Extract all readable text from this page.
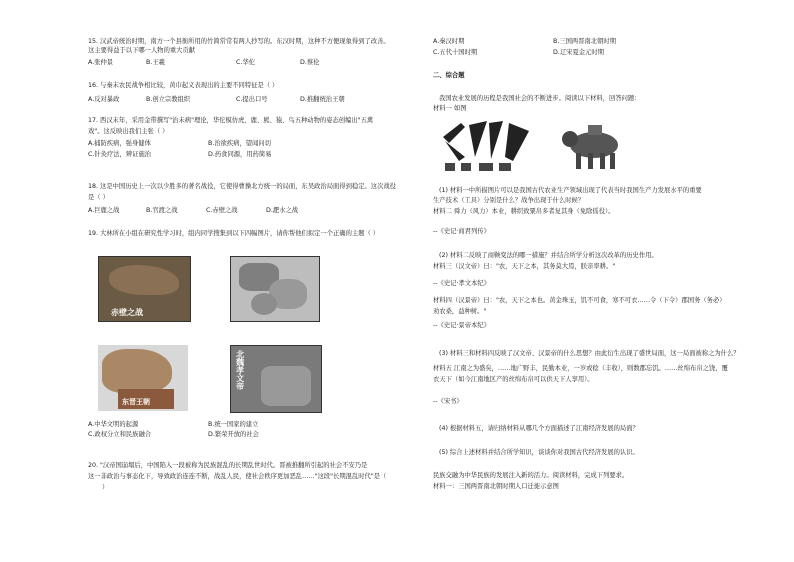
15. 汉武帝统治时期，南方一个县衙所用的竹简常常有两人抄写的。东汉时期，这种不方便现象得到了改善。
这主要得益于以下哪一人物的重大贡献
A.张仲景	B.王羲	C.华佗	D.蔡伦
16. 与秦末农民战争相比较，黄巾起义表现出的主要不同特征是（ ）
A.反对暴政	B.创立宗教组织	C.提出口号	D.推翻统治王朝
17. 西汉末年，采用金带撰写"治未病"理论，华佗模仿虎、鹿、熊、猿、鸟五种动物的姿态创编出"五禽
戏"。这反映出我们主张（ ）
A.捕防疾病，强身健体	B.治欲疾病，望闻问切
C.针灸疗法，辨证施治	D.药食同源，用药简易
18. 这是中国历史上一次以少胜多的著名战役，它使得曹操北方统一的局面，东吴政治局面得到稳定。这次战役
是（ ）
A.巨鹿之战	B.官渡之战	C.赤壁之战	D.淝水之战
19. 大林所在小组在研究性学习时，组内同学搜集到以下四幅图片，请你帮他们拟定一个正确的主题（ ）
赤壁之战
东晋王朝
北魏孝文帝
A.中华文明的起源	B.统一国家的建立
C.政权分立和民族融合	D.繁荣开放的社会
20. "汉帝国崩塌后，中国陷入一段被称为民族混乱的长期乱世时代。晋被推翻所引起的社会不安乃是
这一非政治与事态化下，导致政治连连不断，战乱人民，使社会秩序更加恶乱……"这段"长期混乱时代"是（
）
A.秦汉时期	B.三国两晋南北朝时期
C.五代十国时期	D.辽宋夏金元时期
二、综合题
我国农业发展的历程是我国社会的不断进步。阅读以下材料，回答问题：
材料一 如图
(1) 材料一中所描图片可以是我国古代农业生产领域出现了代表当时我国生产力发展水平的重要
生产技术（工具）分别是什么？战争出现于什么时候？
材料二 舜力（风力）本业，耕织致粟帛多者复其身（免除徭役）。
--《史记·商君列传》
(2) 材料二反映了商鞅变法的哪一措施？并结合所学分析这次改革的历史作用。
材料三（汉文帝）曰："农，天下之本，其务莫大焉，朕亲率耕。"
--《史记·孝文本纪》
材料四（汉景帝）曰："农，天下之本也。黄金珠玉，饥不可食，寒不可衣……令（下令）郡国务（务必）
劝农桑，益种树。"
--《史记·景帝本纪》
(3) 材料三和材料四反映了汉文帝、汉景帝的什么思想？由此衍生出现了盛世局面，这一局面被称之为什么？
材料五 江南之为盛矣，……地广野丰，民勤本业，一岁或稔（丰收），则数郡忘饥。……丝绵布帛之饶，覆
衣天下（如今江南地区产的丝绵布帛可以供天下人享用）。
--《宋书》
(4) 根据材料五，请归纳材料从哪几个方面描述了江南经济发展的局面？
(5) 综合上述材料并结合所学知识，谈谈你对我国古代经济发展的认识。
民族交融为中华民族的发展注入新的活力。阅读材料，完成下列要求。
材料一：三国两晋南北朝时期人口迁徙示意图
